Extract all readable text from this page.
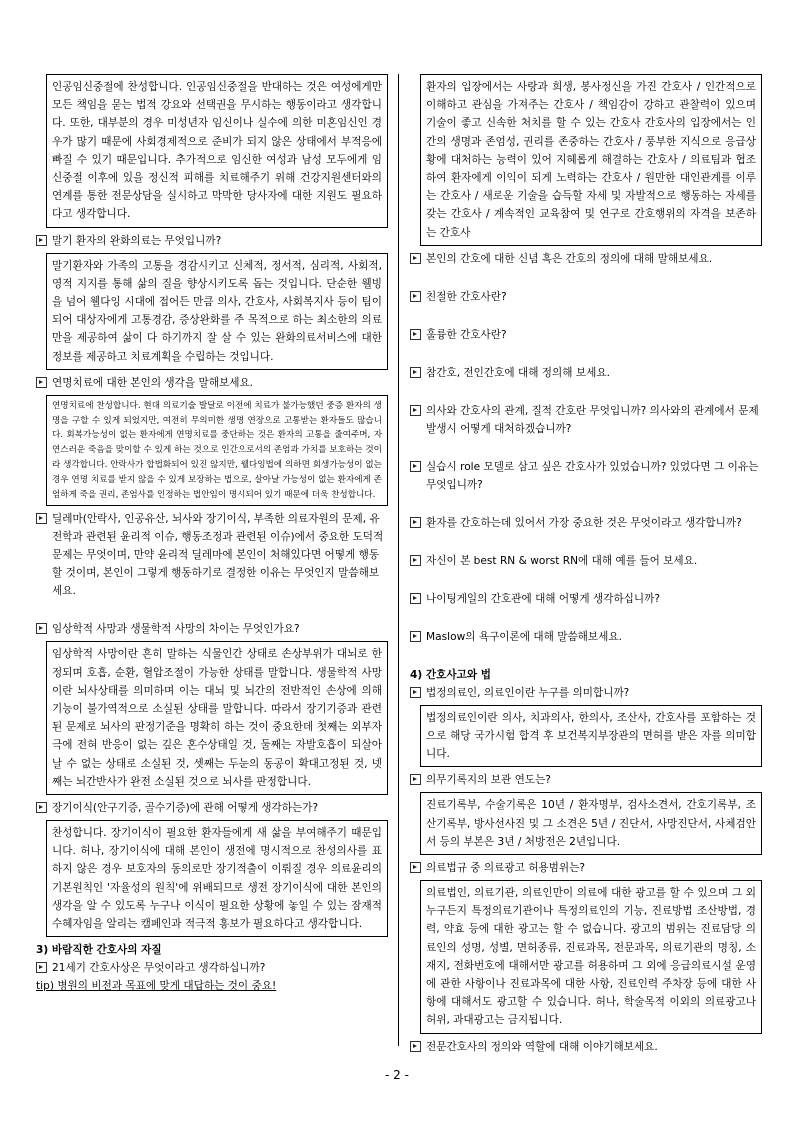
인공임신중절에 찬성합니다. 인공임신중절을 반대하는 것은 여성에게만 모든 책임을 묻는 법적 강요와 선택권을 무시하는 행동이라고 생각합니다. 또한, 대부분의 경우 미성년자 임신이나 실수에 의한 미혼임신인 경우가 많기 때문에 사회경제적으로 준비가 되지 않은 상태에서 부적응에 빠질 수 있기 때문입니다. 추가적으로 임신한 여성과 남성 모두에게 임신중절 이후에 있을 정신적 피해를 치료해주기 위해 건강지원센터와의 연계를 통한 전문상담을 실시하고 막막한 당사자에 대한 지원도 필요하다고 생각합니다.
말기 환자의 완화의료는 무엇입니까?
말기환자와 가족의 고통을 경감시키고 신체적, 정서적, 심리적, 사회적, 영적 지지를 통해 삶의 질을 향상시키도록 돕는 것입니다. 단순한 웰빙을 넘어 웰다잉 시대에 접어든 만큼 의사, 간호사, 사회복지사 등이 팀이 되어 대상자에게 고통경감, 증상완화를 주 목적으로 하는 최소한의 의료만을 제공하여 삶이 다 하기까지 잘 살 수 있는 완화의료서비스에 대한 정보를 제공하고 치료계획을 수립하는 것입니다.
연명치료에 대한 본인의 생각을 말해보세요.
연명치료에 찬성합니다. 현대 의료기술 발달로 이전에 치료가 불가능했던 중증 환자의 생명을 구할 수 있게 되었지만, 여전히 무의미한 생명 연장으로 고통받는 환자들도 많습니다. 회복가능성이 없는 환자에게 연명치료를 중단하는 것은 환자의 고통을 줄여주며, 자연스러운 죽음을 맞이할 수 있게 하는 것으로 인간으로서의 존엄과 가치를 보호하는 것이라 생각합니다. 안락사가 합법화되어 있진 않지만, 웰다잉법에 의하면 회생가능성이 없는 경우 연명 치료를 받지 않을 수 있게 보장하는 법으로, 살아날 가능성이 없는 환자에게 존엄하게 죽을 권리, 존엄사를 인정하는 법안임이 명시되어 있기 때문에 더욱 찬성합니다.
딜레마(안락사, 인공유산, 뇌사와 장기이식, 부족한 의료자원의 문제, 유전학과 관련된 윤리적 이슈, 행동조정과 관련된 이슈)에서 중요한 도덕적 문제는 무엇이며, 만약 윤리적 딜레마에 본인이 처해있다면 어떻게 행동할 것이며, 본인이 그렇게 행동하기로 결정한 이유는 무엇인지 말씀해보세요.
임상학적 사망과 생물학적 사망의 차이는 무엇인가요?
임상학적 사망이란 흔히 말하는 식물인간 상태로 손상부위가 대뇌로 한정되며 호흡, 순환, 혈압조절이 가능한 상태를 말합니다. 생물학적 사망이란 뇌사상태를 의미하며 이는 대뇌 및 뇌간의 전반적인 손상에 의해 기능이 불가역적으로 소실된 상태를 말합니다. 따라서 장기기증과 관련된 문제로 뇌사의 판정기준을 명확히 하는 것이 중요한데 첫째는 외부자극에 전혀 반응이 없는 깊은 혼수상태일 것, 둘째는 자발호흡이 되살아날 수 없는 상태로 소실된 것, 셋째는 두눈의 동공이 확대고정된 것, 넷째는 뇌간반사가 완전 소실된 것으로 뇌사를 판정합니다.
장기이식(안구기증, 골수기증)에 관해 어떻게 생각하는가?
찬성합니다. 장기이식이 필요한 환자들에게 새 삶을 부여해주기 때문입니다. 허나, 장기이식에 대해 본인이 생전에 명시적으로 찬성의사를 표하지 않은 경우 보호자의 동의로만 장기적출이 이뤄질 경우 의료윤리의 기본원칙인 '자율성의 원칙'에 위배되므로 생전 장기이식에 대한 본인의 생각을 알 수 있도록 누구나 이식이 필요한 상황에 놓일 수 있는 잠재적 수혜자임을 알리는 캠페인과 적극적 홍보가 필요하다고 생각합니다.
3) 바람직한 간호사의 자질
21세기 간호사상은 무엇이라고 생각하십니까?
tip) 병원의 비전과 목표에 맞게 대답하는 것이 중요!
환자의 입장에서는 사랑과 희생, 봉사정신을 가진 간호사 / 인간적으로 이해하고 관심을 가져주는 간호사 / 책임감이 강하고 관찰력이 있으며 기술이 좋고 신속한 처치를 할 수 있는 간호사 간호사의 입장에서는 인간의 생명과 존엄성, 권리를 존중하는 간호사 / 풍부한 지식으로 응급상황에 대처하는 능력이 있어 지혜롭게 해결하는 간호사 / 의료팀과 협조하여 환자에게 이익이 되게 노력하는 간호사 / 원만한 대인관계를 이루는 간호사 / 새로운 기술을 습득할 자세 및 자발적으로 행동하는 자세를 갖는 간호사 / 계속적인 교육참여 및 연구로 간호행위의 자격을 보존하는 간호사
본인의 간호에 대한 신념 혹은 간호의 정의에 대해 말해보세요.
친절한 간호사란?
훌륭한 간호사란?
참간호, 전인간호에 대해 정의해 보세요.
의사와 간호사의 관계, 질적 간호란 무엇입니까? 의사와의 관계에서 문제발생시 어떻게 대처하겠습니까?
실습시 role 모델로 삼고 싶은 간호사가 있었습니까? 있었다면 그 이유는 무엇입니까?
환자를 간호하는데 있어서 가장 중요한 것은 무엇이라고 생각합니까?
자신이 본 best RN & worst RN에 대해 예를 들어 보세요.
나이팅게일의 간호관에 대해 어떻게 생각하십니까?
Maslow의 욕구이론에 대해 말씀해보세요.
4) 간호사고와 법
법정의료인, 의료인이란 누구를 의미합니까?
법정의료인이란 의사, 치과의사, 한의사, 조산사, 간호사를 포함하는 것으로 해당 국가시험 합격 후 보건복지부장관의 면허를 받은 자를 의미합니다.
의무기록지의 보관 연도는?
진료기록부, 수술기록은 10년 / 환자명부, 검사소견서, 간호기록부, 조산기록부, 방사선사진 및 그 소견은 5년 / 진단서, 사망진단서, 사체검안서 등의 부본은 3년 / 처방전은 2년입니다.
의료법규 중 의료광고 허용범위는?
의료법인, 의료기관, 의료인만이 의료에 대한 광고를 할 수 있으며 그 외 누구든지 특정의료기관이나 특정의료인의 기능, 진료방법 조산방법, 경력, 약효 등에 대한 광고는 할 수 없습니다. 광고의 범위는 진료담당 의료인의 성명, 성별, 면허종류, 진료과목, 전문과목, 의료기관의 명칭, 소재지, 전화번호에 대해서만 광고를 허용하며 그 외에 응급의료시설 운영에 관한 사항이나 진료과목에 대한 사항, 진료인력 주차장 등에 대한 사항에 대해서도 광고할 수 있습니다. 허나, 학술목적 이외의 의료광고나 허위, 과대광고는 금지됩니다.
전문간호사의 정의와 역할에 대해 이야기해보세요.
- 2 -
